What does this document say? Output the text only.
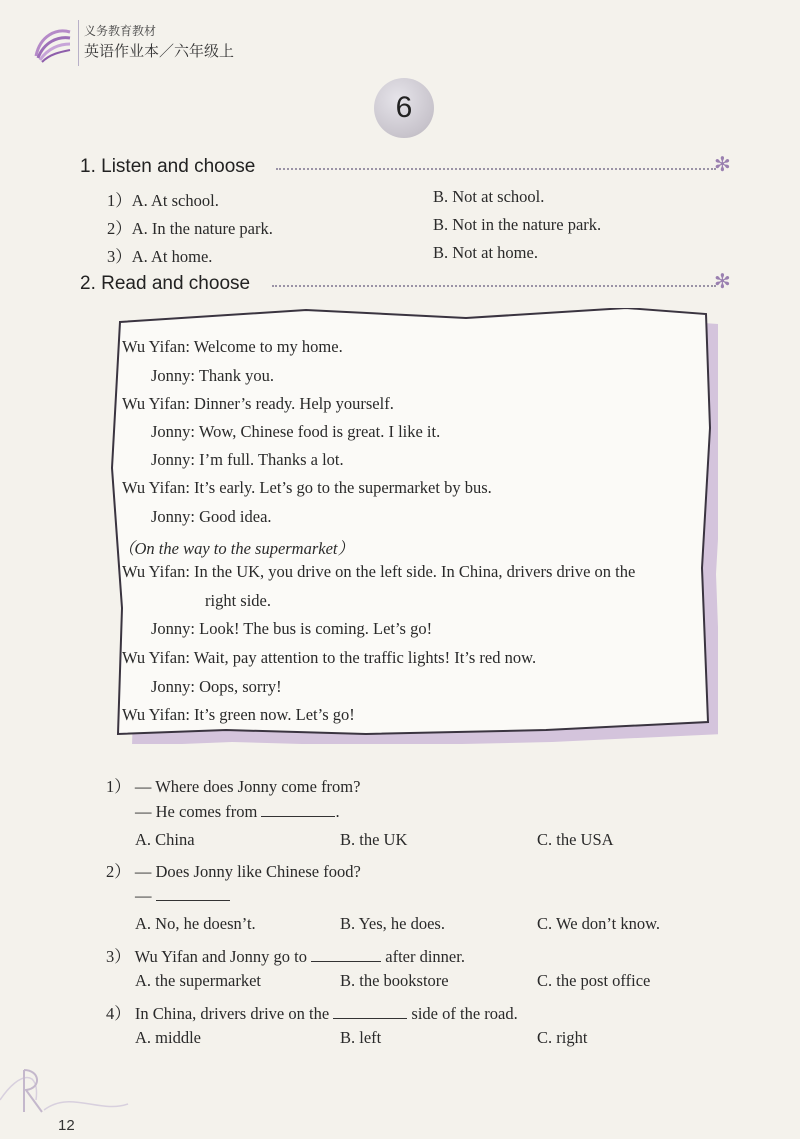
义务教育教材
英语作业本／六年级上
6
1. Listen and choose	✻
1）A. At school.	B. Not at school.
2）A. In the nature park.	B. Not in the nature park.
3）A. At home.	B. Not at home.
2. Read and choose	✻
Wu Yifan: Welcome to my home.
Jonny: Thank you.
Wu Yifan: Dinner’s ready. Help yourself.
Jonny: Wow, Chinese food is great. I like it.
Jonny: I’m full. Thanks a lot.
Wu Yifan: It’s early. Let’s go to the supermarket by bus.
Jonny: Good idea.
（On the way to the supermarket）
Wu Yifan: In the UK, you drive on the left side. In China, drivers drive on the
right side.
Jonny: Look! The bus is coming. Let’s go!
Wu Yifan: Wait, pay attention to the traffic lights! It’s red now.
Jonny: Oops, sorry!
Wu Yifan: It’s green now. Let’s go!
1） — Where does Jonny come from?
— He comes from	.
A. China	B. the UK	C. the USA
2） — Does Jonny like Chinese food?
—
A. No, he doesn’t.	B. Yes, he does.	C. We don’t know.
3） Wu Yifan and Jonny go to	after dinner.
A. the supermarket	B. the bookstore	C. the post office
4） In China, drivers drive on the	side of the road.
A. middle	B. left	C. right
12
